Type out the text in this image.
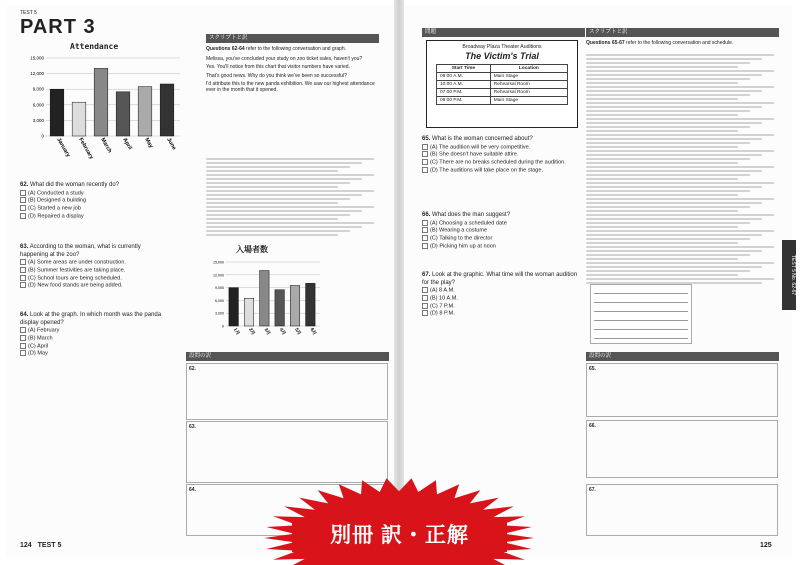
TEST 5
PART 3
Attendance
15,000
12,000
9,000
6,000
3,000
0
January February March April May June
62. What did the woman recently do?
(A) Conducted a study
(B) Designed a building
(C) Started a new job
(D) Repaired a display
63. According to the woman, what is currently happening at the zoo?
(A) Some areas are under construction.
(B) Summer festivities are taking place.
(C) School tours are being scheduled.
(D) New food stands are being added.
64. Look at the graph. In which month was the panda display opened?
(A) February
(B) March
(C) April
(D) May
スクリプトと訳
Questions 62-64 refer to the following conversation and graph.
Melissa, you've concluded your study on zoo ticket sales, haven't you?
Yes. You'll notice from this chart that visitor numbers have varied.
That's good news. Why do you think we've been so successful?
I'd attribute this to the new panda exhibition. We saw our highest attendance ever in the month that it opened.
入場者数
15,000
12,000
9,000
6,000
3,000
0
1月 2月 3月 4月 5月 6月
設問の訳
62.
63.
64.
124 TEST 5
問題
Broadway Plaza Theater Auditions
The Victim's Trial
Start Time	Location
08:00 A.M.	Main Stage
10:00 A.M.	Rehearsal Room
07:00 P.M.	Rehearsal Room
08:00 P.M.	Main Stage
65. What is the woman concerned about?
(A) The audition will be very competitive.
(B) She doesn't have suitable attire.
(C) There are no breaks scheduled during the audition.
(D) The auditions will take place on the stage.
66. What does the man suggest?
(A) Choosing a scheduled date
(B) Wearing a costume
(C) Talking to the director
(D) Picking him up at noon
67. Look at the graphic. What time will the woman audition for the play?
(A) 8 A.M.
(B) 10 A.M.
(C) 7 P.M.
(D) 8 P.M.
スクリプトと訳
Questions 65-67 refer to the following conversation and schedule.
設問の訳
65.
66.
67.
125
TEST 5 No. 62-67
別冊 訳・正解
